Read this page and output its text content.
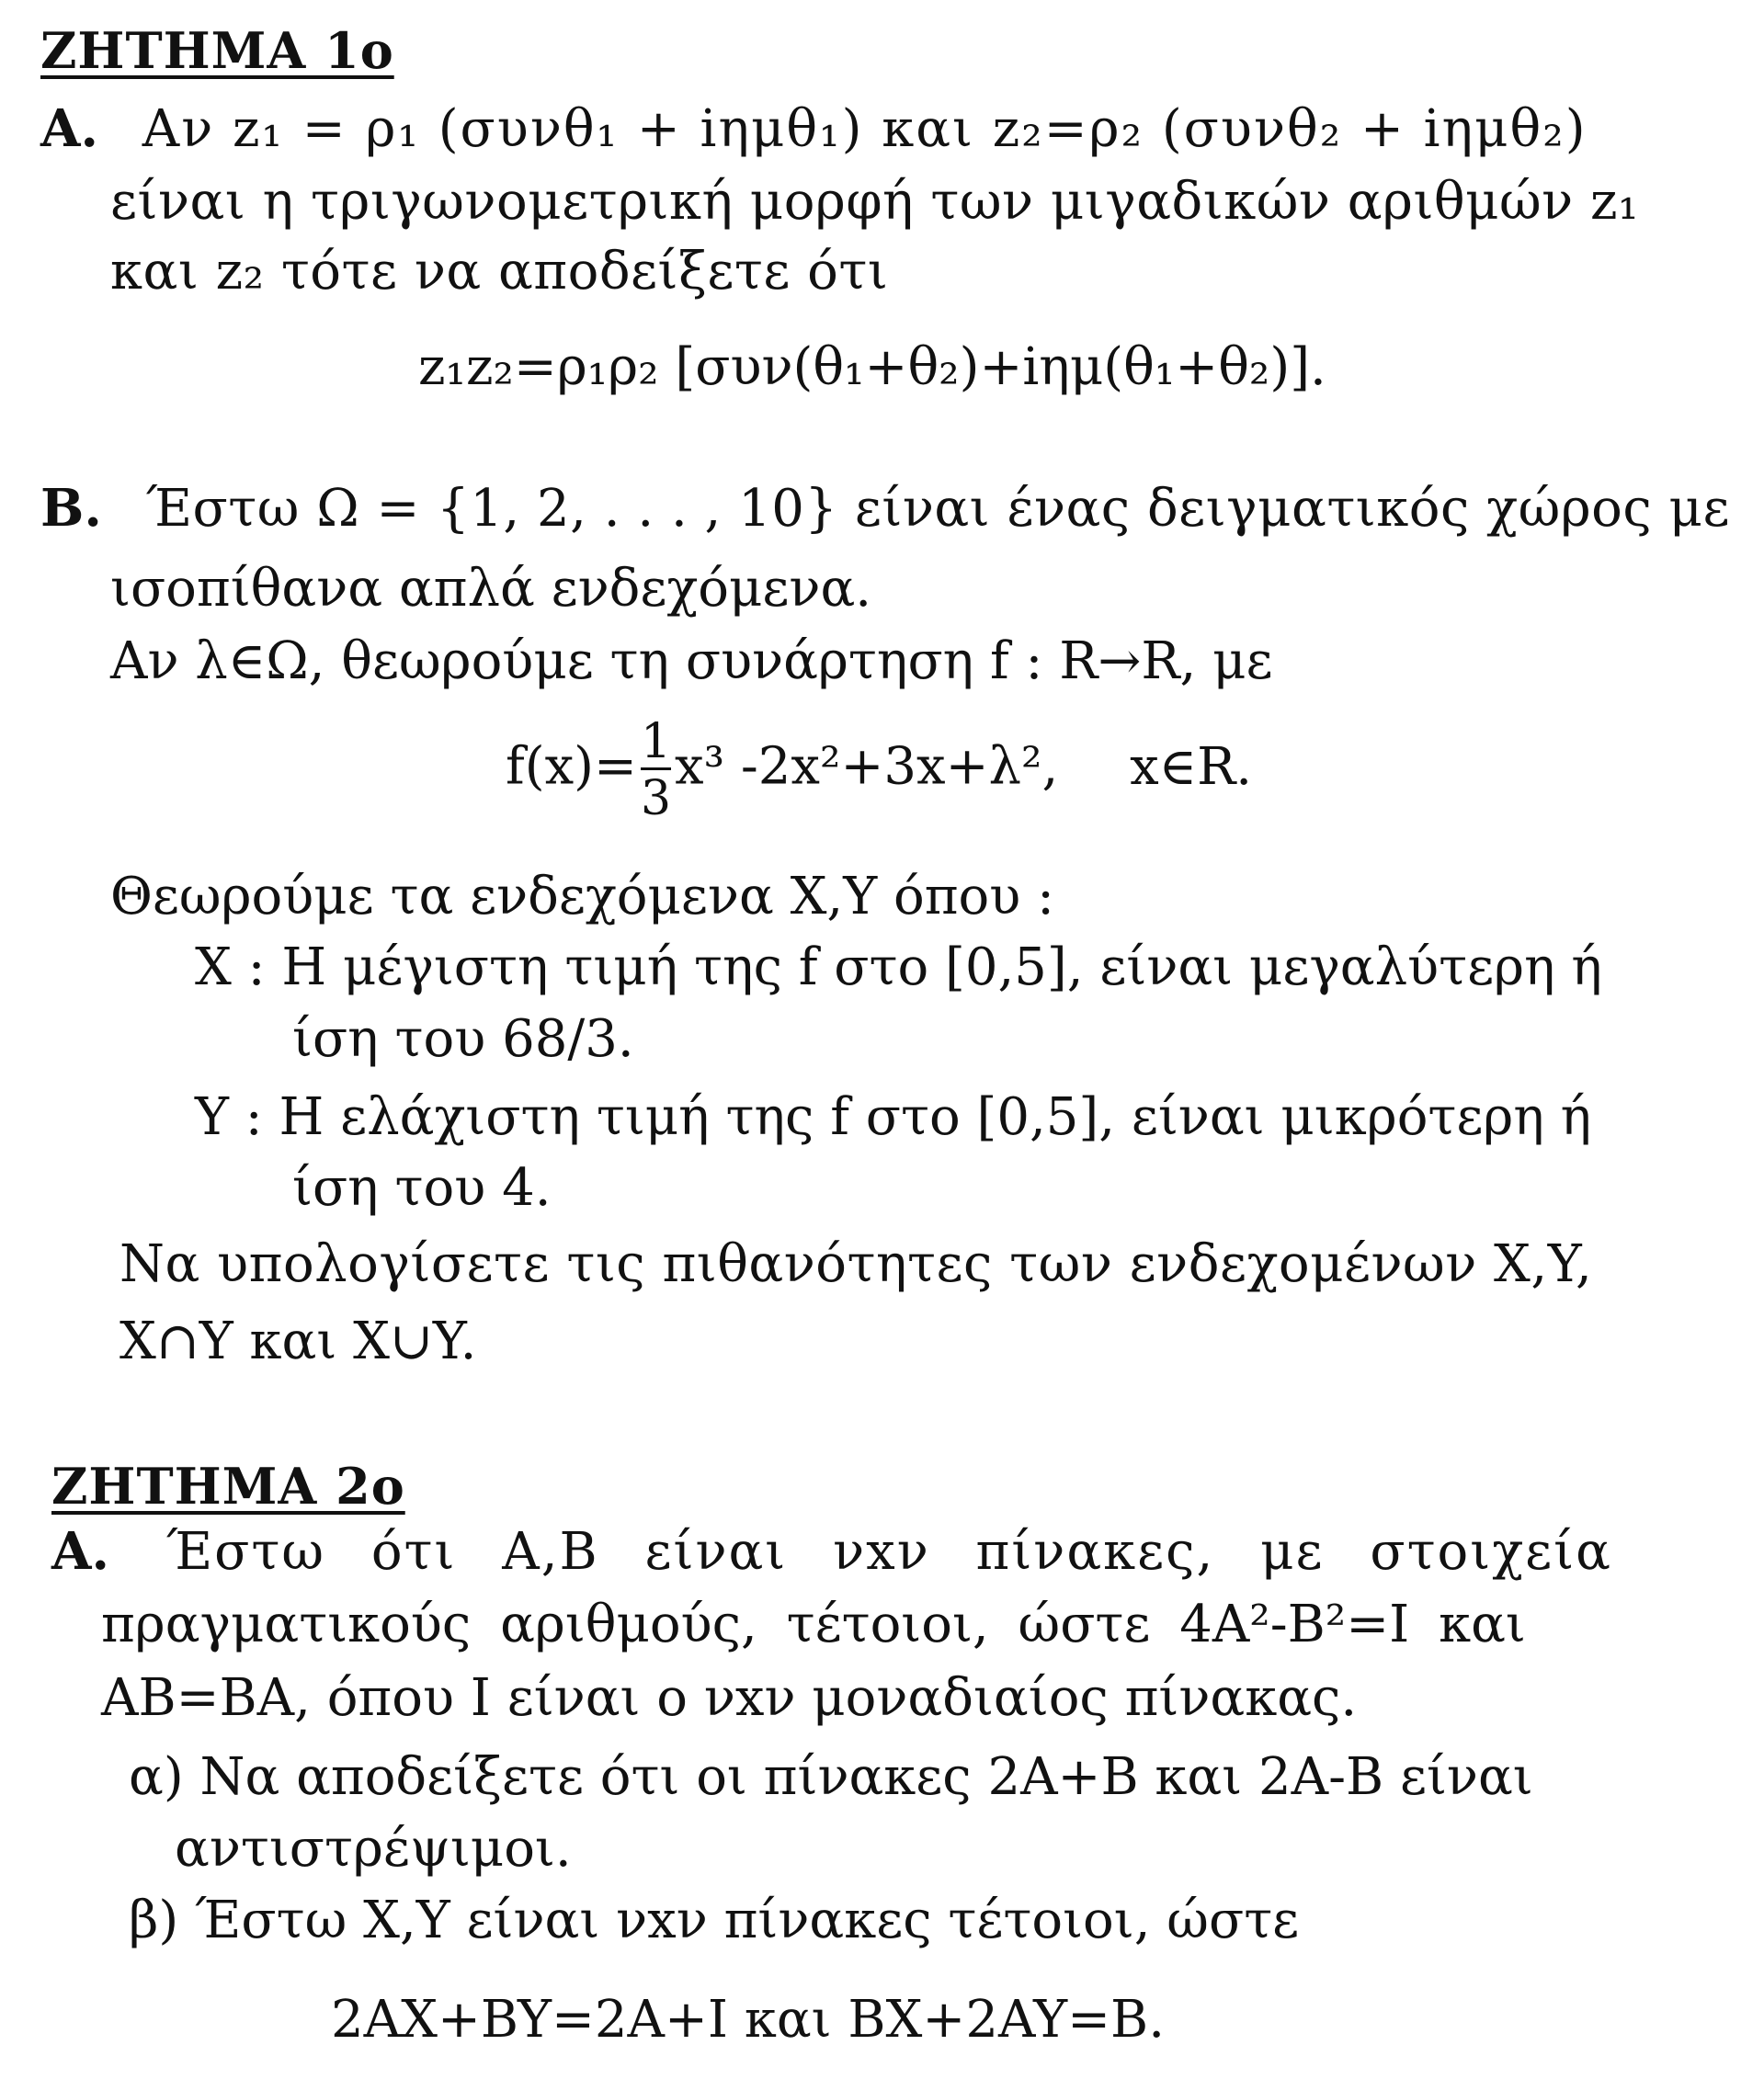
ΖΗΤΗΜΑ 1ο
Α. Αν z₁ = ρ₁ (συνθ₁ + iημθ₁) και z₂=ρ₂ (συνθ₂ + iημθ₂)
είναι η τριγωνομετρική μορφή των μιγαδικών αριθμών z₁
και z₂ τότε να αποδείξετε ότι
z₁z₂=ρ₁ρ₂ [συν(θ₁+θ₂)+iημ(θ₁+θ₂)].
Β. Έστω Ω = {1, 2, . . . , 10} είναι ένας δειγματικός χώρος με
ισοπίθανα απλά ενδεχόμενα.
Αν λ∈Ω, θεωρούμε τη συνάρτηση f : R→R, με
$f(x)= \frac{1}{3} x^3$ -2x²+3x+λ², x∈R.
Θεωρούμε τα ενδεχόμενα X,Y όπου :
X : Η μέγιστη τιμή της f στο [0,5], είναι μεγαλύτερη ή
ίση του 68/3.
Y : Η ελάχιστη τιμή της f στο [0,5], είναι μικρότερη ή
ίση του 4.
Να υπολογίσετε τις πιθανότητες των ενδεχομένων X,Y,
X∩Y και X∪Y.
ΖΗΤΗΜΑ 2ο
Α. Έστω ότι A,B είναι νxν πίνακες, με στοιχεία
πραγματικούς αριθμούς, τέτοιοι, ώστε 4A²-B²=I και
AB=BA, όπου I είναι ο νxν μοναδιαίος πίνακας.
α) Να αποδείξετε ότι οι πίνακες 2A+B και 2A-B είναι
αντιστρέψιμοι.
β) Έστω X,Y είναι νxν πίνακες τέτοιοι, ώστε
2AX+BY=2A+I και BX+2AY=B.
